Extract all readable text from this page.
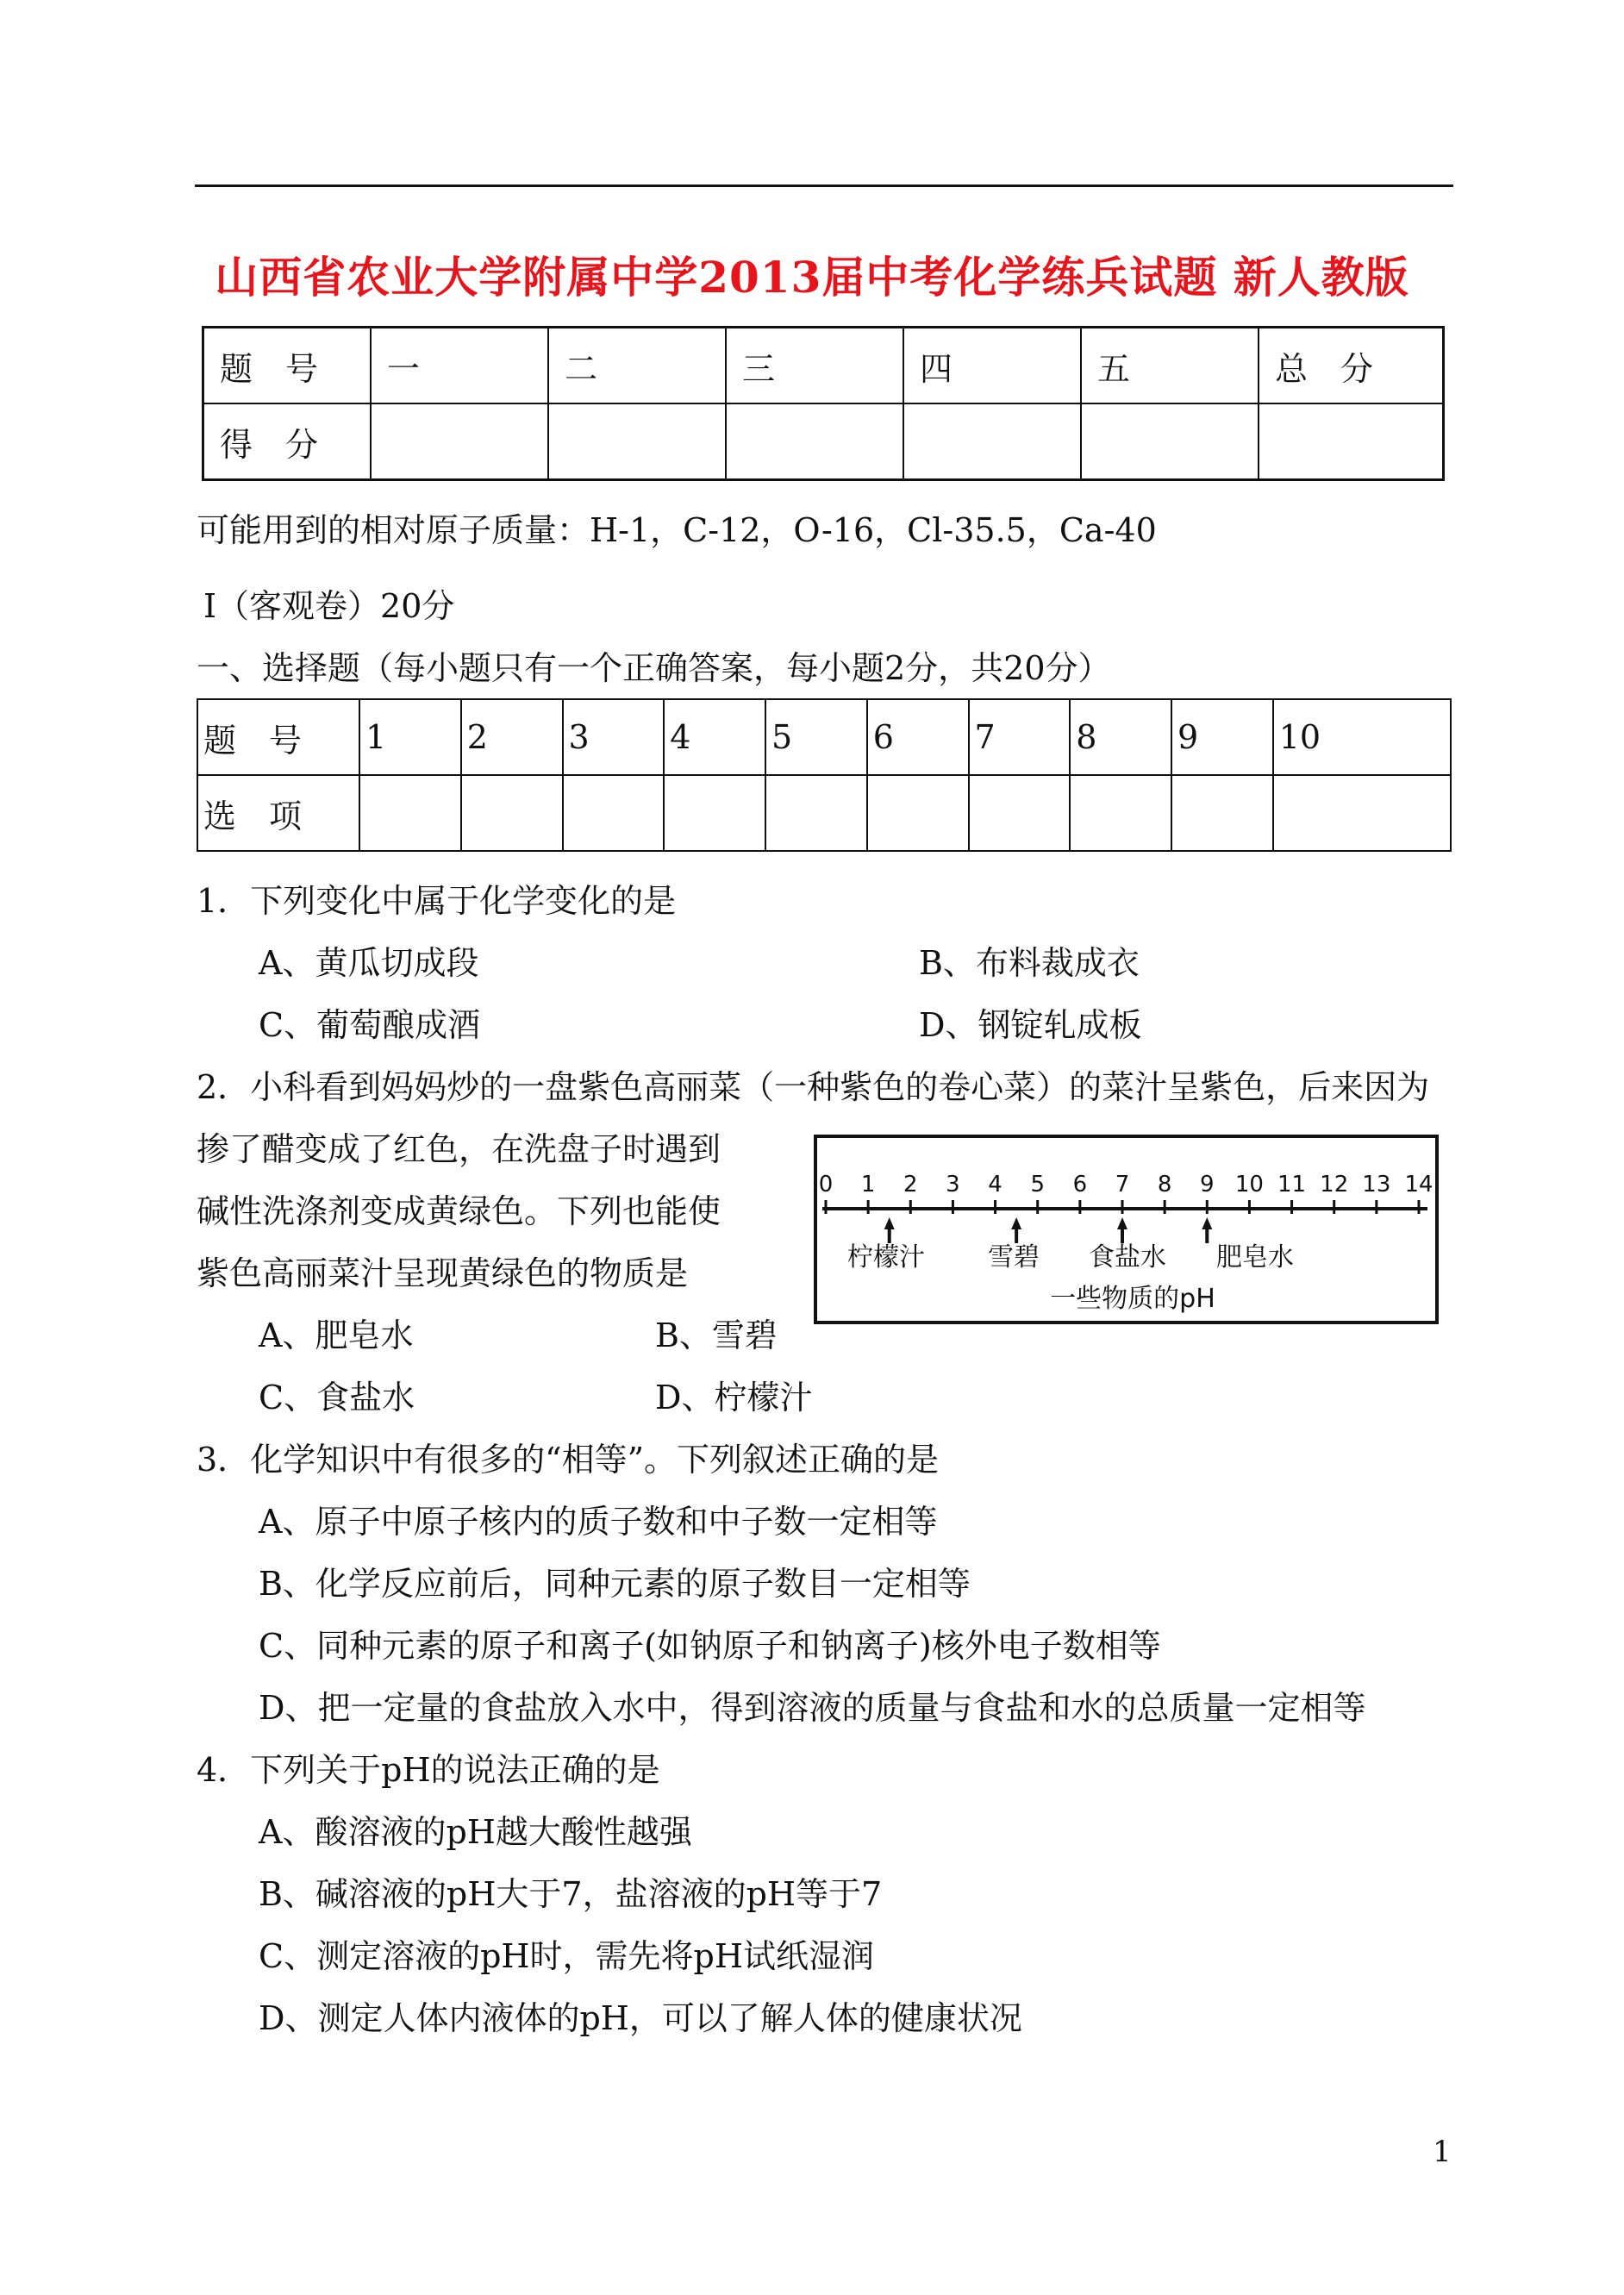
山西省农业大学附属中学2013届中考化学练兵试题 新人教版
题　号	一	二	三	四	五	总　分
得　分						
可能用到的相对原子质量：H-1，C-12，O-16，Cl-35.5，Ca-40
Ⅰ（客观卷）20分
一、选择题（每小题只有一个正确答案，每小题2分，共20分）
题　号	1	2	3	4	5	6	7	8	9	10
选　项										
1．下列变化中属于化学变化的是
A、黄瓜切成段	B、布料裁成衣
C、葡萄酿成酒	D、钢锭轧成板
2．小科看到妈妈炒的一盘紫色高丽菜（一种紫色的卷心菜）的菜汁呈紫色，后来因为
掺了醋变成了红色，在洗盘子时遇到
碱性洗涤剂变成黄绿色。下列也能使
紫色高丽菜汁呈现黄绿色的物质是
A、肥皂水	B、雪碧
C、食盐水	D、柠檬汁
一些物质的pH
0 1 2 3 4 5 6 7 8 9 10 11 12 13 14
柠檬汁 雪碧 食盐水 肥皂水
3．化学知识中有很多的“相等”。下列叙述正确的是
A、原子中原子核内的质子数和中子数一定相等
B、化学反应前后，同种元素的原子数目一定相等
C、同种元素的原子和离子(如钠原子和钠离子)核外电子数相等
D、把一定量的食盐放入水中，得到溶液的质量与食盐和水的总质量一定相等
4．下列关于pH的说法正确的是
A、酸溶液的pH越大酸性越强
B、碱溶液的pH大于7，盐溶液的pH等于7
C、测定溶液的pH时，需先将pH试纸湿润
D、测定人体内液体的pH，可以了解人体的健康状况
1
